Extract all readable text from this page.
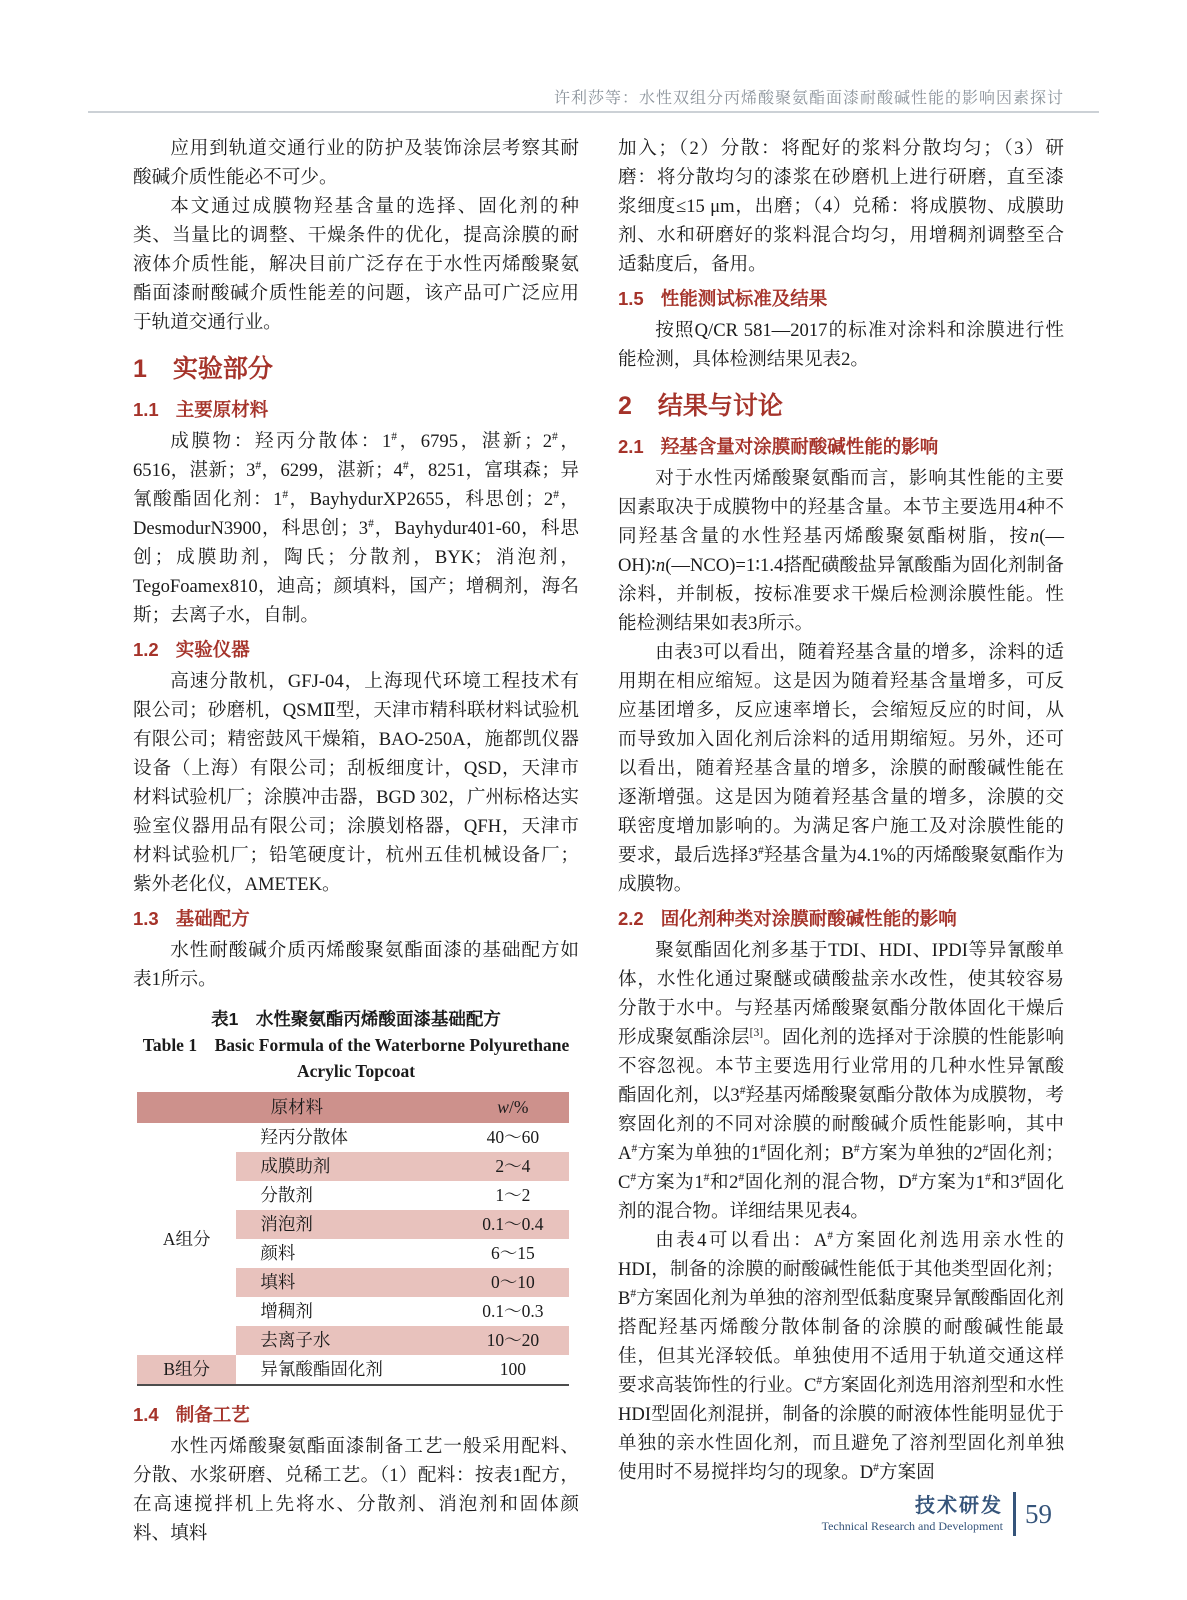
许利莎等：水性双组分丙烯酸聚氨酯面漆耐酸碱性能的影响因素探讨

应用到轨道交通行业的防护及装饰涂层考察其耐酸碱介质性能必不可少。

本文通过成膜物羟基含量的选择、固化剂的种类、当量比的调整、干燥条件的优化，提高涂膜的耐液体介质性能，解决目前广泛存在于水性丙烯酸聚氨酯面漆耐酸碱介质性能差的问题，该产品可广泛应用于轨道交通行业。

1 实验部分
1.1 主要原材料

成膜物：羟丙分散体：1#，6795，湛新；2#，6516，湛新；3#，6299，湛新；4#，8251，富琪森；异氰酸酯固化剂：1#，BayhydurXP2655，科思创；2#，DesmodurN3900，科思创；3#，Bayhydur401-60，科思创；成膜助剂，陶氏；分散剂，BYK；消泡剂，TegoFoamex810，迪高；颜填料，国产；增稠剂，海名斯；去离子水，自制。

1.2 实验仪器

高速分散机，GFJ-04，上海现代环境工程技术有限公司；砂磨机，QSMⅡ型，天津市精科联材料试验机有限公司；精密鼓风干燥箱，BAO-250A，施都凯仪器设备（上海）有限公司；刮板细度计，QSD，天津市材料试验机厂；涂膜冲击器，BGD 302，广州标格达实验室仪器用品有限公司；涂膜划格器，QFH，天津市材料试验机厂；铅笔硬度计，杭州五佳机械设备厂；紫外老化仪，AMETEK。

1.3 基础配方

水性耐酸碱介质丙烯酸聚氨酯面漆的基础配方如表1所示。

表1　水性聚氨酯丙烯酸面漆基础配方
Table 1　Basic Formula of the Waterborne Polyurethane
Acrylic Topcoat
原材料		w/%
A组分	羟丙分散体	40～60
	成膜助剂	2～4
	分散剂	1～2
	消泡剂	0.1～0.4
	颜料	6～15
	填料	0～10
	增稠剂	0.1～0.3
	去离子水	10～20
B组分	异氰酸酯固化剂	100
1.4 制备工艺

水性丙烯酸聚氨酯面漆制备工艺一般采用配料、分散、水浆研磨、兑稀工艺。（1）配料：按表1配方，在高速搅拌机上先将水、分散剂、消泡剂和固体颜料、填料

加入；（2）分散：将配好的浆料分散均匀；（3）研磨：将分散均匀的漆浆在砂磨机上进行研磨，直至漆浆细度≤15 μm，出磨；（4）兑稀：将成膜物、成膜助剂、水和研磨好的浆料混合均匀，用增稠剂调整至合适黏度后，备用。

1.5 性能测试标准及结果

按照Q/CR 581—2017的标准对涂料和涂膜进行性能检测，具体检测结果见表2。

2 结果与讨论
2.1 羟基含量对涂膜耐酸碱性能的影响

对于水性丙烯酸聚氨酯而言，影响其性能的主要因素取决于成膜物中的羟基含量。本节主要选用4种不同羟基含量的水性羟基丙烯酸聚氨酯树脂，按n(—OH)∶n(—NCO)=1∶1.4搭配磺酸盐异氰酸酯为固化剂制备涂料，并制板，按标准要求干燥后检测涂膜性能。性能检测结果如表3所示。

由表3可以看出，随着羟基含量的增多，涂料的适用期在相应缩短。这是因为随着羟基含量增多，可反应基团增多，反应速率增长，会缩短反应的时间，从而导致加入固化剂后涂料的适用期缩短。另外，还可以看出，随着羟基含量的增多，涂膜的耐酸碱性能在逐渐增强。这是因为随着羟基含量的增多，涂膜的交联密度增加影响的。为满足客户施工及对涂膜性能的要求，最后选择3#羟基含量为4.1%的丙烯酸聚氨酯作为成膜物。

2.2 固化剂种类对涂膜耐酸碱性能的影响

聚氨酯固化剂多基于TDI、HDI、IPDI等异氰酸单体，水性化通过聚醚或磺酸盐亲水改性，使其较容易分散于水中。与羟基丙烯酸聚氨酯分散体固化干燥后形成聚氨酯涂层[3]。固化剂的选择对于涂膜的性能影响不容忽视。本节主要选用行业常用的几种水性异氰酸酯固化剂，以3#羟基丙烯酸聚氨酯分散体为成膜物，考察固化剂的不同对涂膜的耐酸碱介质性能影响，其中A#方案为单独的1#固化剂；B#方案为单独的2#固化剂；C#方案为1#和2#固化剂的混合物，D#方案为1#和3#固化剂的混合物。详细结果见表4。

由表4可以看出：A#方案固化剂选用亲水性的HDI，制备的涂膜的耐酸碱性能低于其他类型固化剂；B#方案固化剂为单独的溶剂型低黏度聚异氰酸酯固化剂搭配羟基丙烯酸分散体制备的涂膜的耐酸碱性能最佳，但其光泽较低。单独使用不适用于轨道交通这样要求高装饰性的行业。C#方案固化剂选用溶剂型和水性HDI型固化剂混拼，制备的涂膜的耐液体性能明显优于单独的亲水性固化剂，而且避免了溶剂型固化剂单独使用时不易搅拌均匀的现象。D#方案固

技术研发
Technical Research and Development 59
